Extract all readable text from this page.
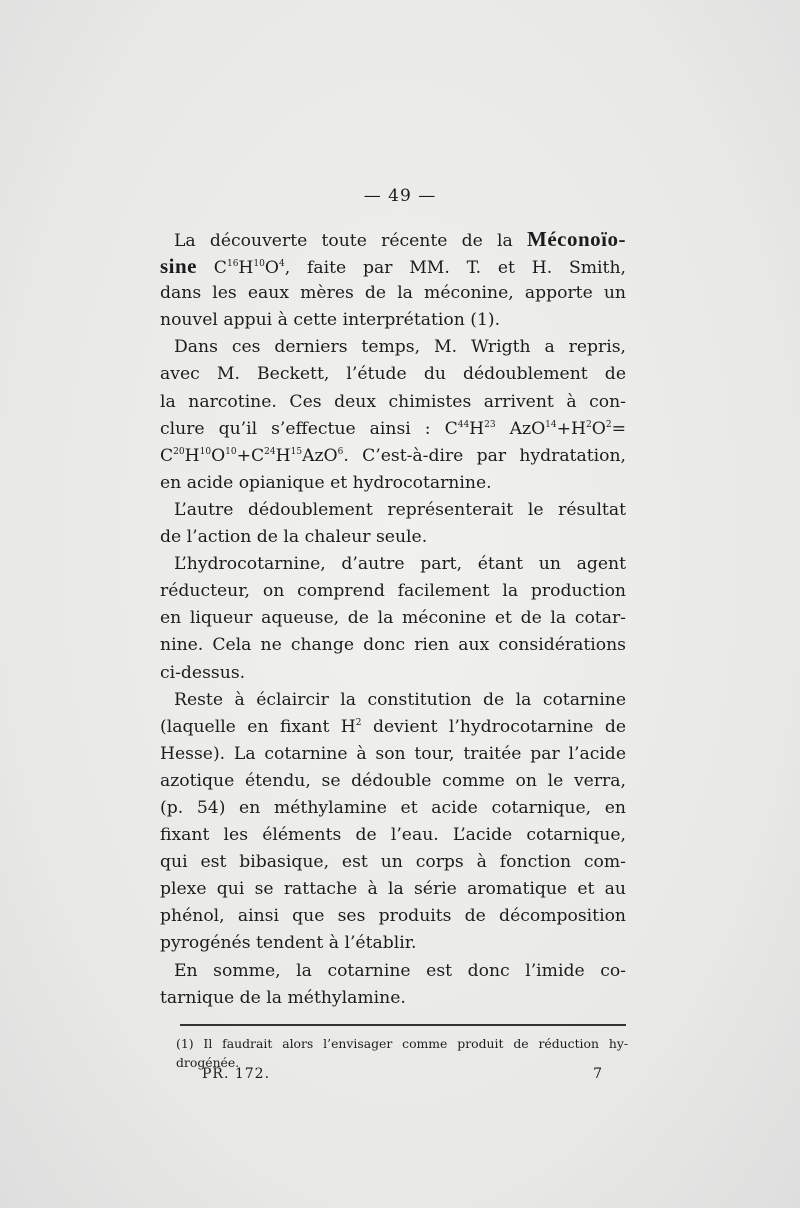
— 49 —
La découverte toute récente de la Méconoïo-
sine $C^{16}H^{10}O^4$, faite par MM. T. et H. Smith,
dans les eaux mères de la méconine, apporte un
nouvel appui à cette interprétation (1).
Dans ces derniers temps, M. Wrigth a repris,
avec M. Beckett, l’étude du dédoublement de
la narcotine. Ces deux chimistes arrivent à con-
clure qu’il s’effectue ainsi : $C^{44}H^{23}$ $AzO^{14}+H^2O^2=$
$C^{20}H^{10}O^{10}+C^{24}H^{15}AzO^6$. C’est-à-dire par hydratation,
en acide opianique et hydrocotarnine.
L’autre dédoublement représenterait le résultat
de l’action de la chaleur seule.
L’hydrocotarnine, d’autre part, étant un agent
réducteur, on comprend facilement la production
en liqueur aqueuse, de la méconine et de la cotar-
nine. Cela ne change donc rien aux considérations
ci-dessus.
Reste à éclaircir la constitution de la cotarnine
(laquelle en fixant $H^2$ devient l’hydrocotarnine de
Hesse). La cotarnine à son tour, traitée par l’acide
azotique étendu, se dédouble comme on le verra,
(p. 54) en méthylamine et acide cotarnique, en
fixant les éléments de l’eau. L’acide cotarnique,
qui est bibasique, est un corps à fonction com-
plexe qui se rattache à la série aromatique et au
phénol, ainsi que ses produits de décomposition
pyrogénés tendent à l’établir.
En somme, la cotarnine est donc l’imide co-
tarnique de la méthylamine.
(1) Il faudrait alors l’envisager comme produit de réduction hy-
drogénée.
PR. 172.	7
